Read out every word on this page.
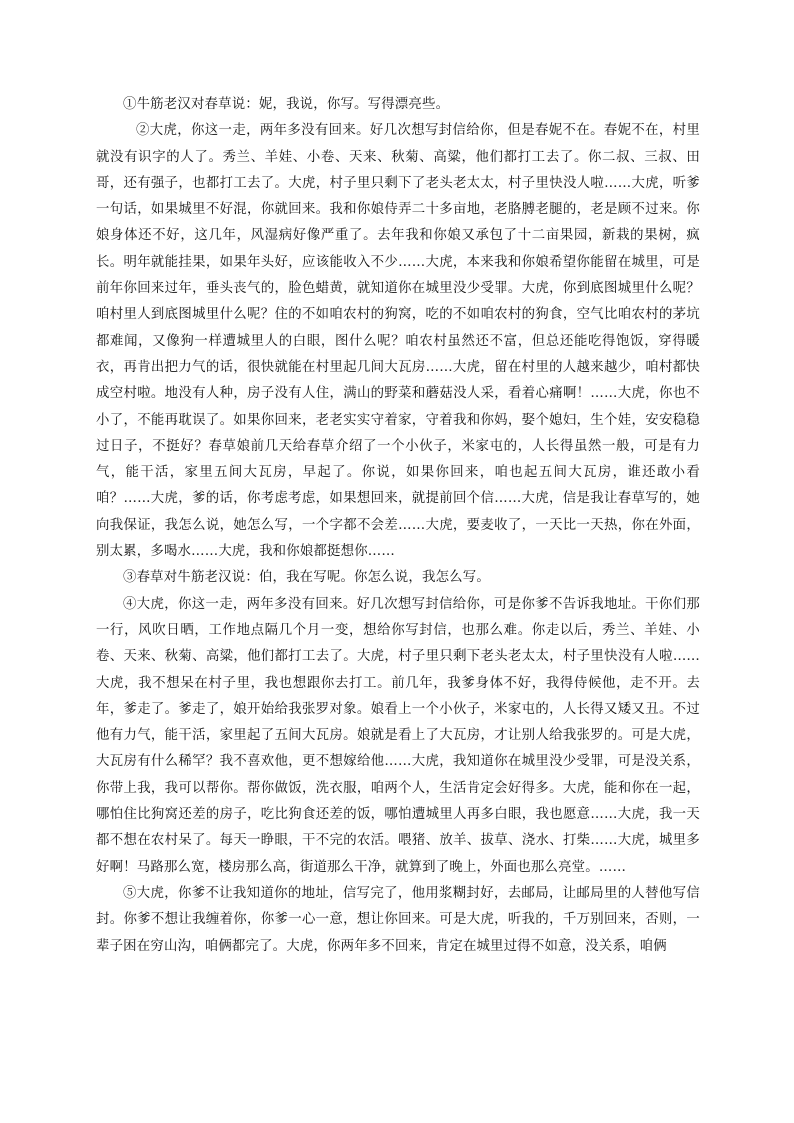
①牛筋老汉对春草说：妮，我说，你写。写得漂亮些。

②大虎，你这一走，两年多没有回来。好几次想写封信给你，但是春妮不在。春妮不在，村里就没有识字的人了。秀兰、羊娃、小卷、天来、秋菊、高粱，他们都打工去了。你二叔、三叔、田哥，还有强子，也都打工去了。大虎，村子里只剩下了老头老太太，村子里快没人啦……大虎，听爹一句话，如果城里不好混，你就回来。我和你娘侍弄二十多亩地，老胳膊老腿的，老是顾不过来。你娘身体还不好，这几年，风湿病好像严重了。去年我和你娘又承包了十二亩果园，新栽的果树，疯长。明年就能挂果，如果年头好，应该能收入不少……大虎，本来我和你娘希望你能留在城里，可是前年你回来过年，垂头丧气的，脸色蜡黄，就知道你在城里没少受罪。大虎，你到底图城里什么呢？咱村里人到底图城里什么呢？住的不如咱农村的狗窝，吃的不如咱农村的狗食，空气比咱农村的茅坑都难闻，又像狗一样遭城里人的白眼，图什么呢？咱农村虽然还不富，但总还能吃得饱饭，穿得暖衣，再肯出把力气的话，很快就能在村里起几间大瓦房……大虎，留在村里的人越来越少，咱村都快成空村啦。地没有人种，房子没有人住，满山的野菜和蘑菇没人采，看着心痛啊！……大虎，你也不小了，不能再耽误了。如果你回来，老老实实守着家，守着我和你妈，娶个媳妇，生个娃，安安稳稳过日子，不挺好？春草娘前几天给春草介绍了一个小伙子，米家屯的，人长得虽然一般，可是有力气，能干活，家里五间大瓦房，早起了。你说，如果你回来，咱也起五间大瓦房，谁还敢小看咱？……大虎，爹的话，你考虑考虑，如果想回来，就提前回个信……大虎，信是我让春草写的，她向我保证，我怎么说，她怎么写，一个字都不会差……大虎，要麦收了，一天比一天热，你在外面，别太累，多喝水……大虎，我和你娘都挺想你……

③春草对牛筋老汉说：伯，我在写呢。你怎么说，我怎么写。

④大虎，你这一走，两年多没有回来。好几次想写封信给你，可是你爹不告诉我地址。干你们那一行，风吹日晒，工作地点隔几个月一变，想给你写封信，也那么难。你走以后，秀兰、羊娃、小卷、天来、秋菊、高粱，他们都打工去了。大虎，村子里只剩下老头老太太，村子里快没有人啦……大虎，我不想呆在村子里，我也想跟你去打工。前几年，我爹身体不好，我得侍候他，走不开。去年，爹走了。爹走了，娘开始给我张罗对象。娘看上一个小伙子，米家屯的，人长得又矮又丑。不过他有力气，能干活，家里起了五间大瓦房。娘就是看上了大瓦房，才让别人给我张罗的。可是大虎，大瓦房有什么稀罕？我不喜欢他，更不想嫁给他……大虎，我知道你在城里没少受罪，可是没关系，你带上我，我可以帮你。帮你做饭，洗衣服，咱两个人，生活肯定会好得多。大虎，能和你在一起，哪怕住比狗窝还差的房子，吃比狗食还差的饭，哪怕遭城里人再多白眼，我也愿意……大虎，我一天都不想在农村呆了。每天一睁眼，干不完的农活。喂猪、放羊、拔草、浇水、打柴……大虎，城里多好啊！马路那么宽，楼房那么高，街道那么干净，就算到了晚上，外面也那么亮堂。……

⑤大虎，你爹不让我知道你的地址，信写完了，他用浆糊封好，去邮局，让邮局里的人替他写信封。你爹不想让我缠着你，你爹一心一意，想让你回来。可是大虎，听我的，千万别回来，否则，一辈子困在穷山沟，咱俩都完了。大虎，你两年多不回来，肯定在城里过得不如意，没关系，咱俩
